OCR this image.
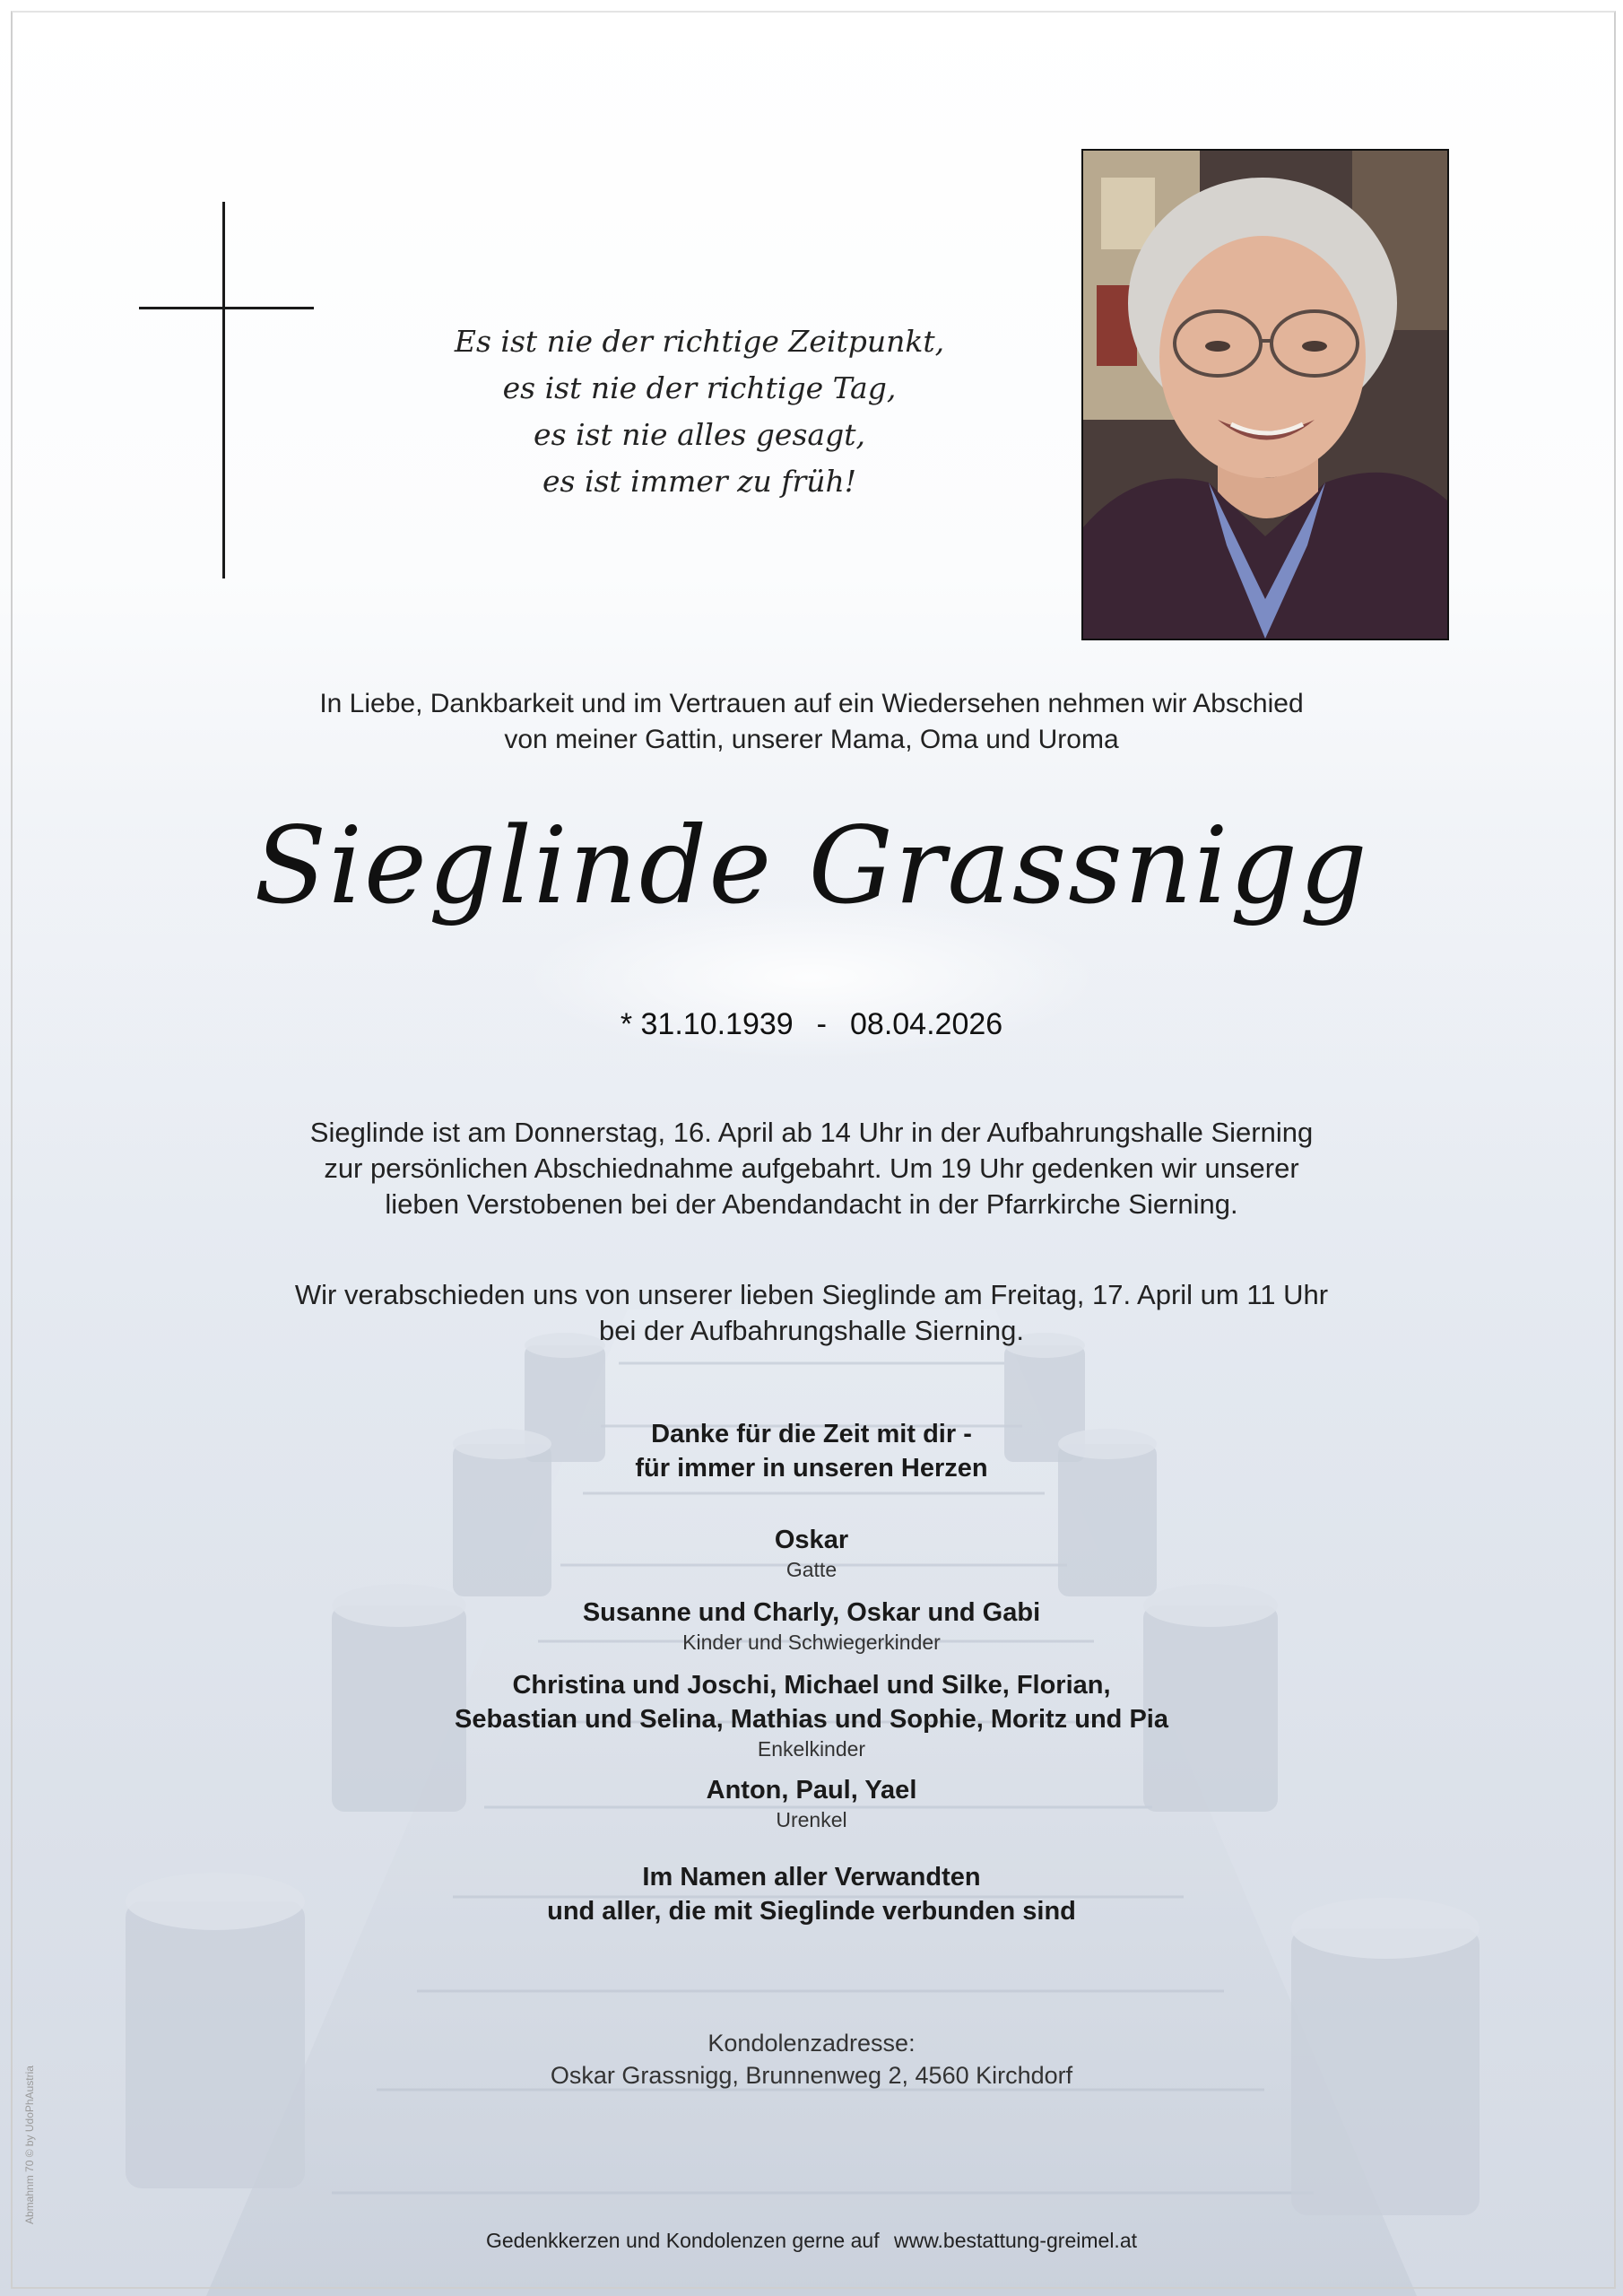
Es ist nie der richtige Zeitpunkt,
es ist nie der richtige Tag,
es ist nie alles gesagt,
es ist immer zu früh!
In Liebe, Dankbarkeit und im Vertrauen auf ein Wiedersehen nehmen wir Abschied
von meiner Gattin, unserer Mama, Oma und Uroma
Sieglinde Grassnigg
* 31.10.1939 - 08.04.2026
Sieglinde ist am Donnerstag, 16. April ab 14 Uhr in der Aufbahrungshalle Sierning
zur persönlichen Abschiednahme aufgebahrt. Um 19 Uhr gedenken wir unserer
lieben Verstobenen bei der Abendandacht in der Pfarrkirche Sierning.
Wir verabschieden uns von unserer lieben Sieglinde am Freitag, 17. April um 11 Uhr
bei der Aufbahrungshalle Sierning.
Danke für die Zeit mit dir -
für immer in unseren Herzen
Oskar
Gatte
Susanne und Charly, Oskar und Gabi
Kinder und Schwiegerkinder
Christina und Joschi, Michael und Silke, Florian,
Sebastian und Selina, Mathias und Sophie, Moritz und Pia
Enkelkinder
Anton, Paul, Yael
Urenkel
Im Namen aller Verwandten
und aller, die mit Sieglinde verbunden sind
Kondolenzadresse:
Oskar Grassnigg, Brunnenweg 2, 4560 Kirchdorf
Gedenkkerzen und Kondolenzen gerne auf www.bestattung-greimel.at
Abmahnm 70 © by UdoPhAustria
